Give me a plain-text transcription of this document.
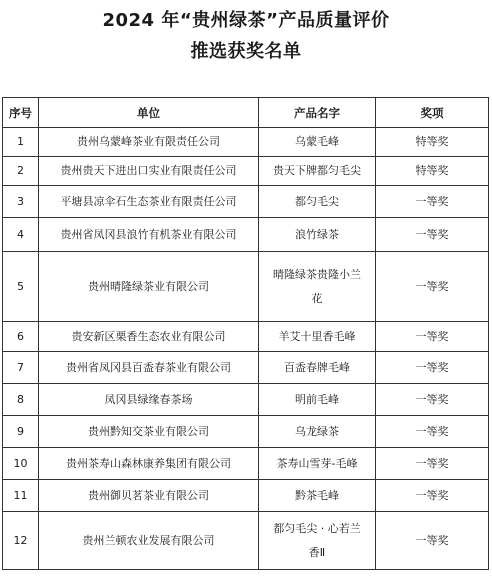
2024 年“贵州绿茶”产品质量评价
推选获奖名单
序号	单位	产品名字	奖项
1	贵州乌蒙峰茶业有限责任公司	乌蒙毛峰	特等奖
2	贵州贵天下进出口实业有限责任公司	贵天下牌都匀毛尖	特等奖
3	平塘县凉伞石生态茶业有限责任公司	都匀毛尖	一等奖
4	贵州省凤冈县浪竹有机茶业有限公司	浪竹绿茶	一等奖
5	贵州晴隆绿茶业有限公司	晴隆绿茶贵隆小兰花	一等奖
6	贵安新区栗香生态农业有限公司	羊艾十里香毛峰	一等奖
7	贵州省凤冈县百盉春茶业有限公司	百盉春牌毛峰	一等奖
8	凤冈县绿缘春茶场	明前毛峰	一等奖
9	贵州黔知交茶业有限公司	乌龙绿茶	一等奖
10	贵州茶寿山森林康养集团有限公司	茶寿山雪芽-毛峰	一等奖
11	贵州御贝茗茶业有限公司	黔茶毛峰	一等奖
12	贵州兰顿农业发展有限公司	都匀毛尖 · 心若兰香Ⅱ	一等奖
